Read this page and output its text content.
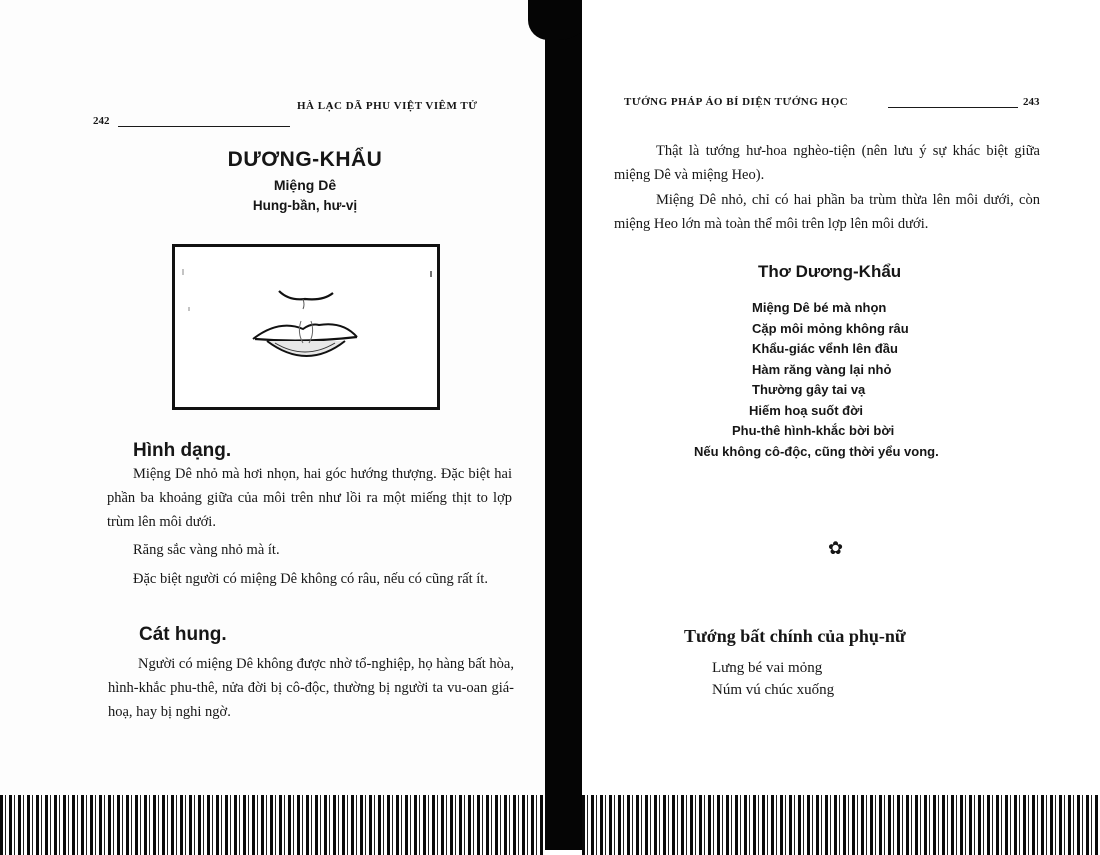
242
HÀ LẠC DÃ PHU VIỆT VIÊM TỬ
DƯƠNG-KHẨU
Miệng Dê
Hung-bần, hư-vị
Hình dạng.
Miệng Dê nhỏ mà hơi nhọn, hai góc hướng thượng. Đặc biệt hai phần ba khoảng giữa của môi trên như lồi ra một miếng thịt to lợp trùm lên môi dưới.
Răng sắc vàng nhỏ mà ít.
Đặc biệt người có miệng Dê không có râu, nếu có cũng rất ít.
Cát hung.
Người có miệng Dê không được nhờ tổ-nghiệp, họ hàng bất hòa, hình-khắc phu-thê, nửa đời bị cô-độc, thường bị người ta vu-oan giá-hoạ, hay bị nghi ngờ.
TƯỚNG PHÁP ÁO BÍ DIỆN TƯỚNG HỌC	243
Thật là tướng hư-hoa nghèo-tiện (nên lưu ý sự khác biệt giữa miệng Dê và miệng Heo).
Miệng Dê nhỏ, chỉ có hai phần ba trùm thừa lên môi dưới, còn miệng Heo lớn mà toàn thể môi trên lợp lên môi dưới.
Thơ Dương-Khẩu
Miệng Dê bé mà nhọn
Cặp môi mỏng không râu
Khẩu-giác vểnh lên đầu
Hàm răng vàng lại nhỏ
Thường gây tai vạ
Hiếm hoạ suốt đời
Phu-thê hình-khắc bời bời
Nếu không cô-độc, cũng thời yểu vong.
✿
Tướng bất chính của phụ-nữ
Lưng bé vai mỏng
Núm vú chúc xuống
